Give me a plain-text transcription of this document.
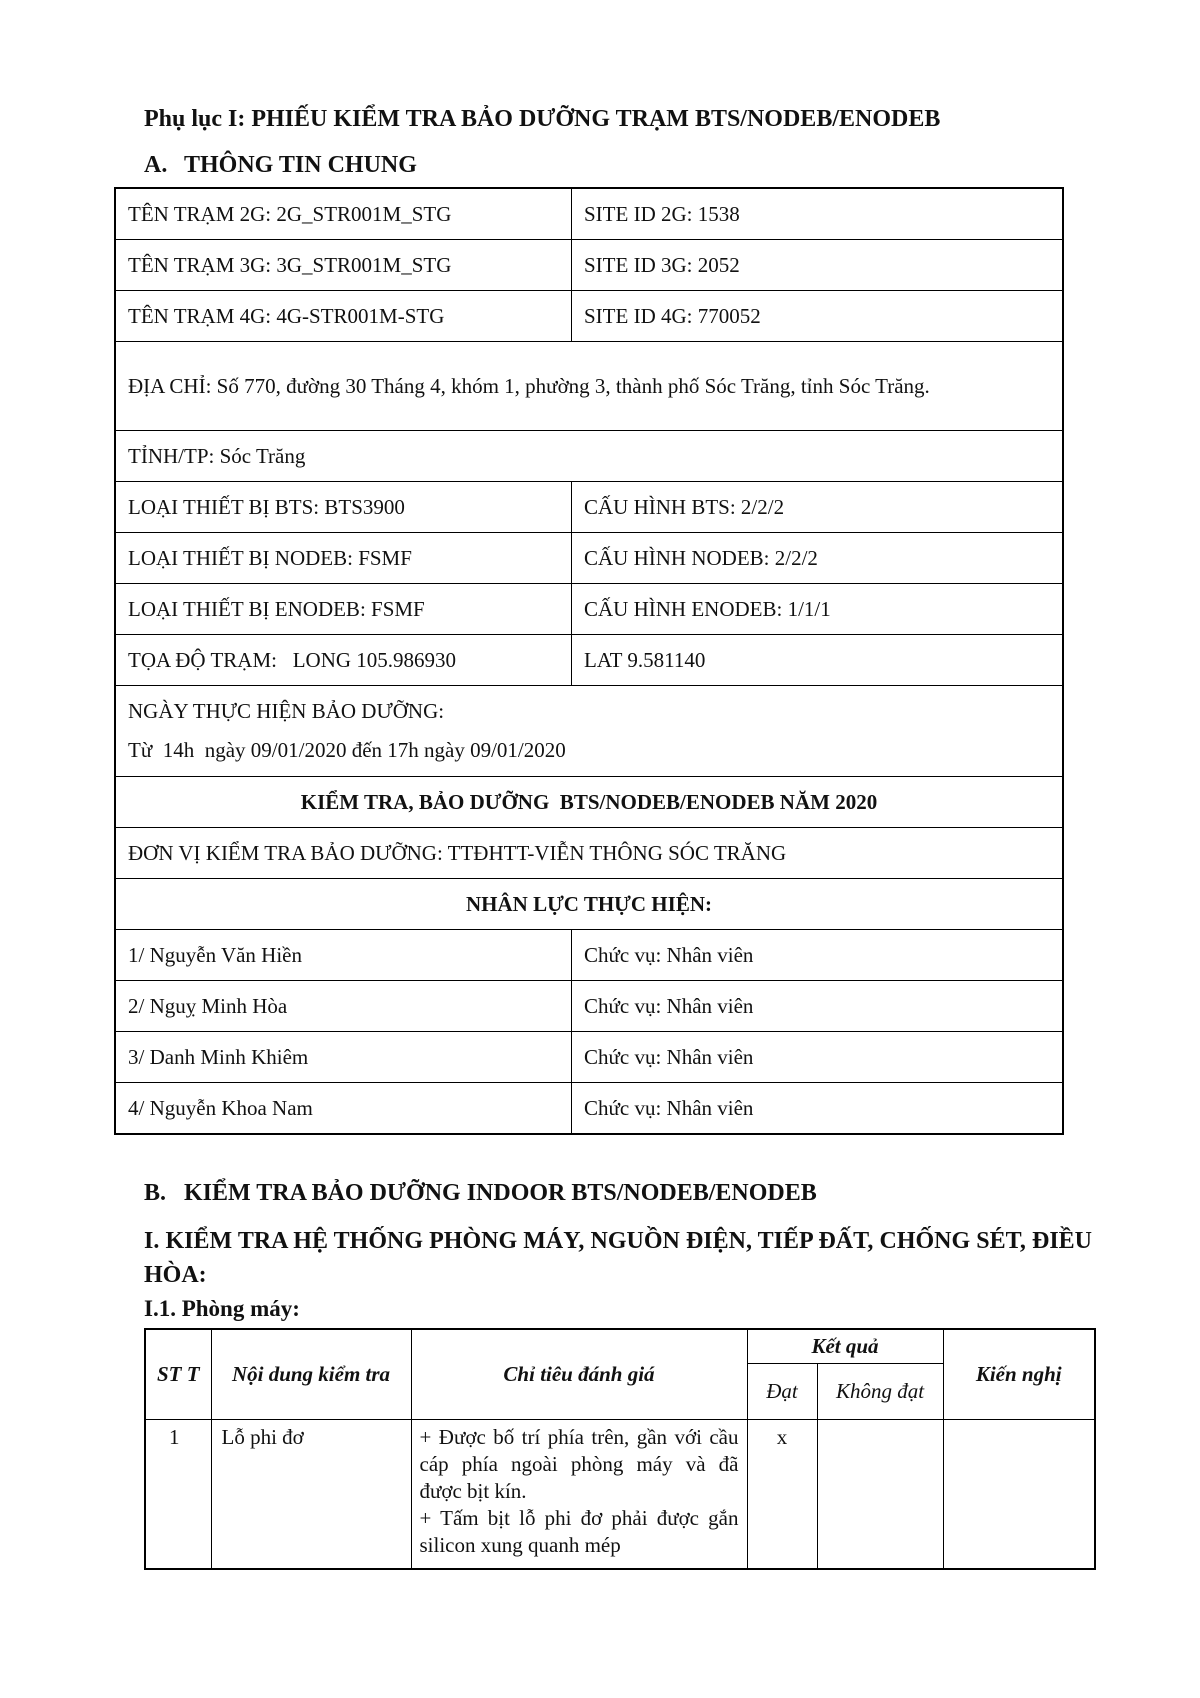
Phụ lục I: PHIẾU KIỂM TRA BẢO DƯỠNG TRẠM BTS/NODEB/ENODEB
A. THÔNG TIN CHUNG
TÊN TRẠM 2G: 2G_STR001M_STG	SITE ID 2G: 1538
TÊN TRẠM 3G: 3G_STR001M_STG	SITE ID 3G: 2052
TÊN TRẠM 4G: 4G-STR001M-STG	SITE ID 4G: 770052
ĐỊA CHỈ: Số 770, đường 30 Tháng 4, khóm 1, phường 3, thành phố Sóc Trăng, tỉnh Sóc Trăng.	
TỈNH/TP: Sóc Trăng	
LOẠI THIẾT BỊ BTS: BTS3900	CẤU HÌNH BTS: 2/2/2
LOẠI THIẾT BỊ NODEB: FSMF	CẤU HÌNH NODEB: 2/2/2
LOẠI THIẾT BỊ ENODEB: FSMF	CẤU HÌNH ENODEB: 1/1/1
TỌA ĐỘ TRẠM:   LONG 105.986930	LAT 9.581140
NGÀY THỰC HIỆN BẢO DƯỠNG:
Từ  14h  ngày 09/01/2020 đến 17h ngày 09/01/2020	

KIỂM TRA, BẢO DƯỠNG  BTS/NODEB/ENODEB NĂM 2020	
ĐƠN VỊ KIỂM TRA BẢO DƯỠNG: TTĐHTT-VIỄN THÔNG SÓC TRĂNG	
NHÂN LỰC THỰC HIỆN:	
1/ Nguyễn Văn Hiền	Chức vụ: Nhân viên
2/ Nguỵ Minh Hòa	Chức vụ: Nhân viên
3/ Danh Minh Khiêm	Chức vụ: Nhân viên
4/ Nguyễn Khoa Nam	Chức vụ: Nhân viên
B. KIỂM TRA BẢO DƯỠNG INDOOR BTS/NODEB/ENODEB
I. KIỂM TRA HỆ THỐNG PHÒNG MÁY, NGUỒN ĐIỆN, TIẾP ĐẤT, CHỐNG SÉT, ĐIỀU HÒA:
I.1. Phòng máy:
ST T	Nội dung kiểm tra	Chỉ tiêu đánh giá	Kết quả		Kiến nghị
			Đạt	Không đạt	
1	Lỗ phi đơ	+ Được bố trí phía trên, gần với cầu cáp phía ngoài phòng máy và đã được bịt kín.
+ Tấm bịt lỗ phi đơ phải được gắn silicon xung quanh mép	x		
